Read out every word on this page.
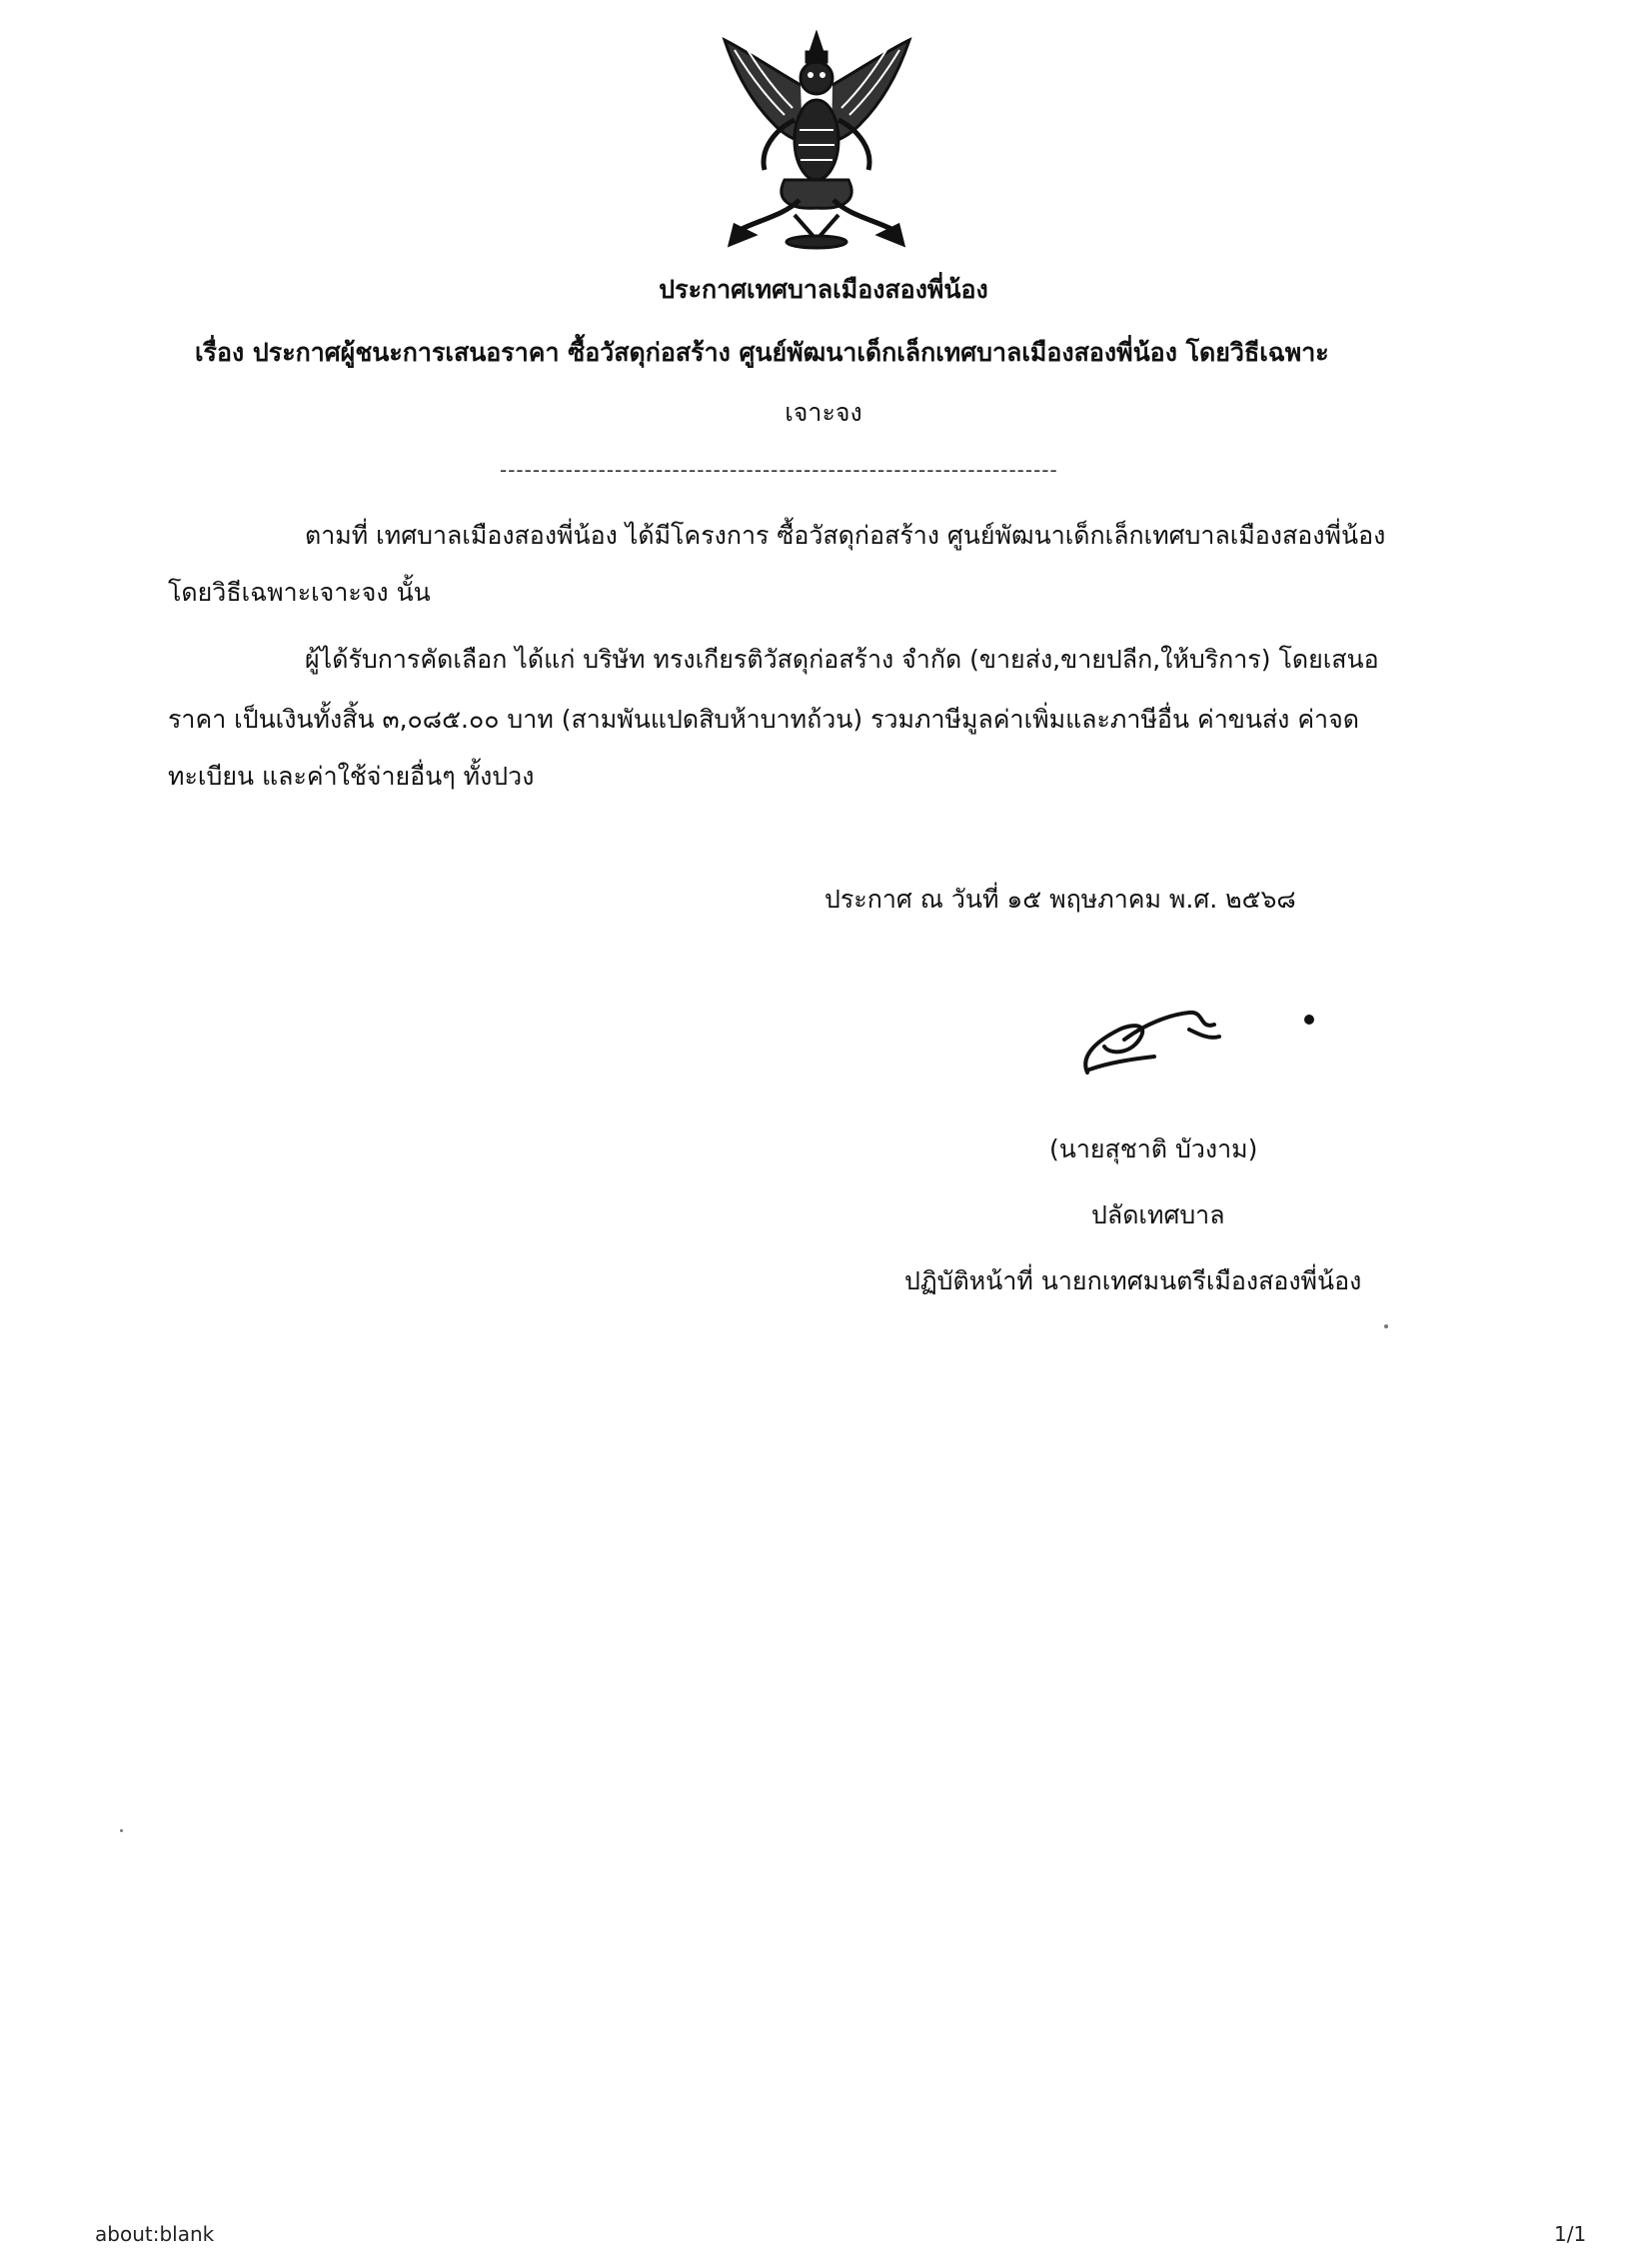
ประกาศเทศบาลเมืองสองพี่น้อง
เรื่อง ประกาศผู้ชนะการเสนอราคา ซื้อวัสดุก่อสร้าง ศูนย์พัฒนาเด็กเล็กเทศบาลเมืองสองพี่น้อง โดยวิธีเฉพาะ
เจาะจง
--------------------------------------------------------------------
ตามที่ เทศบาลเมืองสองพี่น้อง ได้มีโครงการ ซื้อวัสดุก่อสร้าง ศูนย์พัฒนาเด็กเล็กเทศบาลเมืองสองพี่น้อง
โดยวิธีเฉพาะเจาะจง นั้น
ผู้ได้รับการคัดเลือก ได้แก่ บริษัท ทรงเกียรติวัสดุก่อสร้าง จำกัด (ขายส่ง,ขายปลีก,ให้บริการ) โดยเสนอ
ราคา เป็นเงินทั้งสิ้น ๓,๐๘๕.๐๐ บาท (สามพันแปดสิบห้าบาทถ้วน) รวมภาษีมูลค่าเพิ่มและภาษีอื่น ค่าขนส่ง ค่าจด
ทะเบียน และค่าใช้จ่ายอื่นๆ ทั้งปวง
ประกาศ ณ วันที่ ๑๕ พฤษภาคม พ.ศ. ๒๕๖๘
(นายสุชาติ บัวงาม)
ปลัดเทศบาล
ปฏิบัติหน้าที่ นายกเทศมนตรีเมืองสองพี่น้อง
about:blank	1/1
